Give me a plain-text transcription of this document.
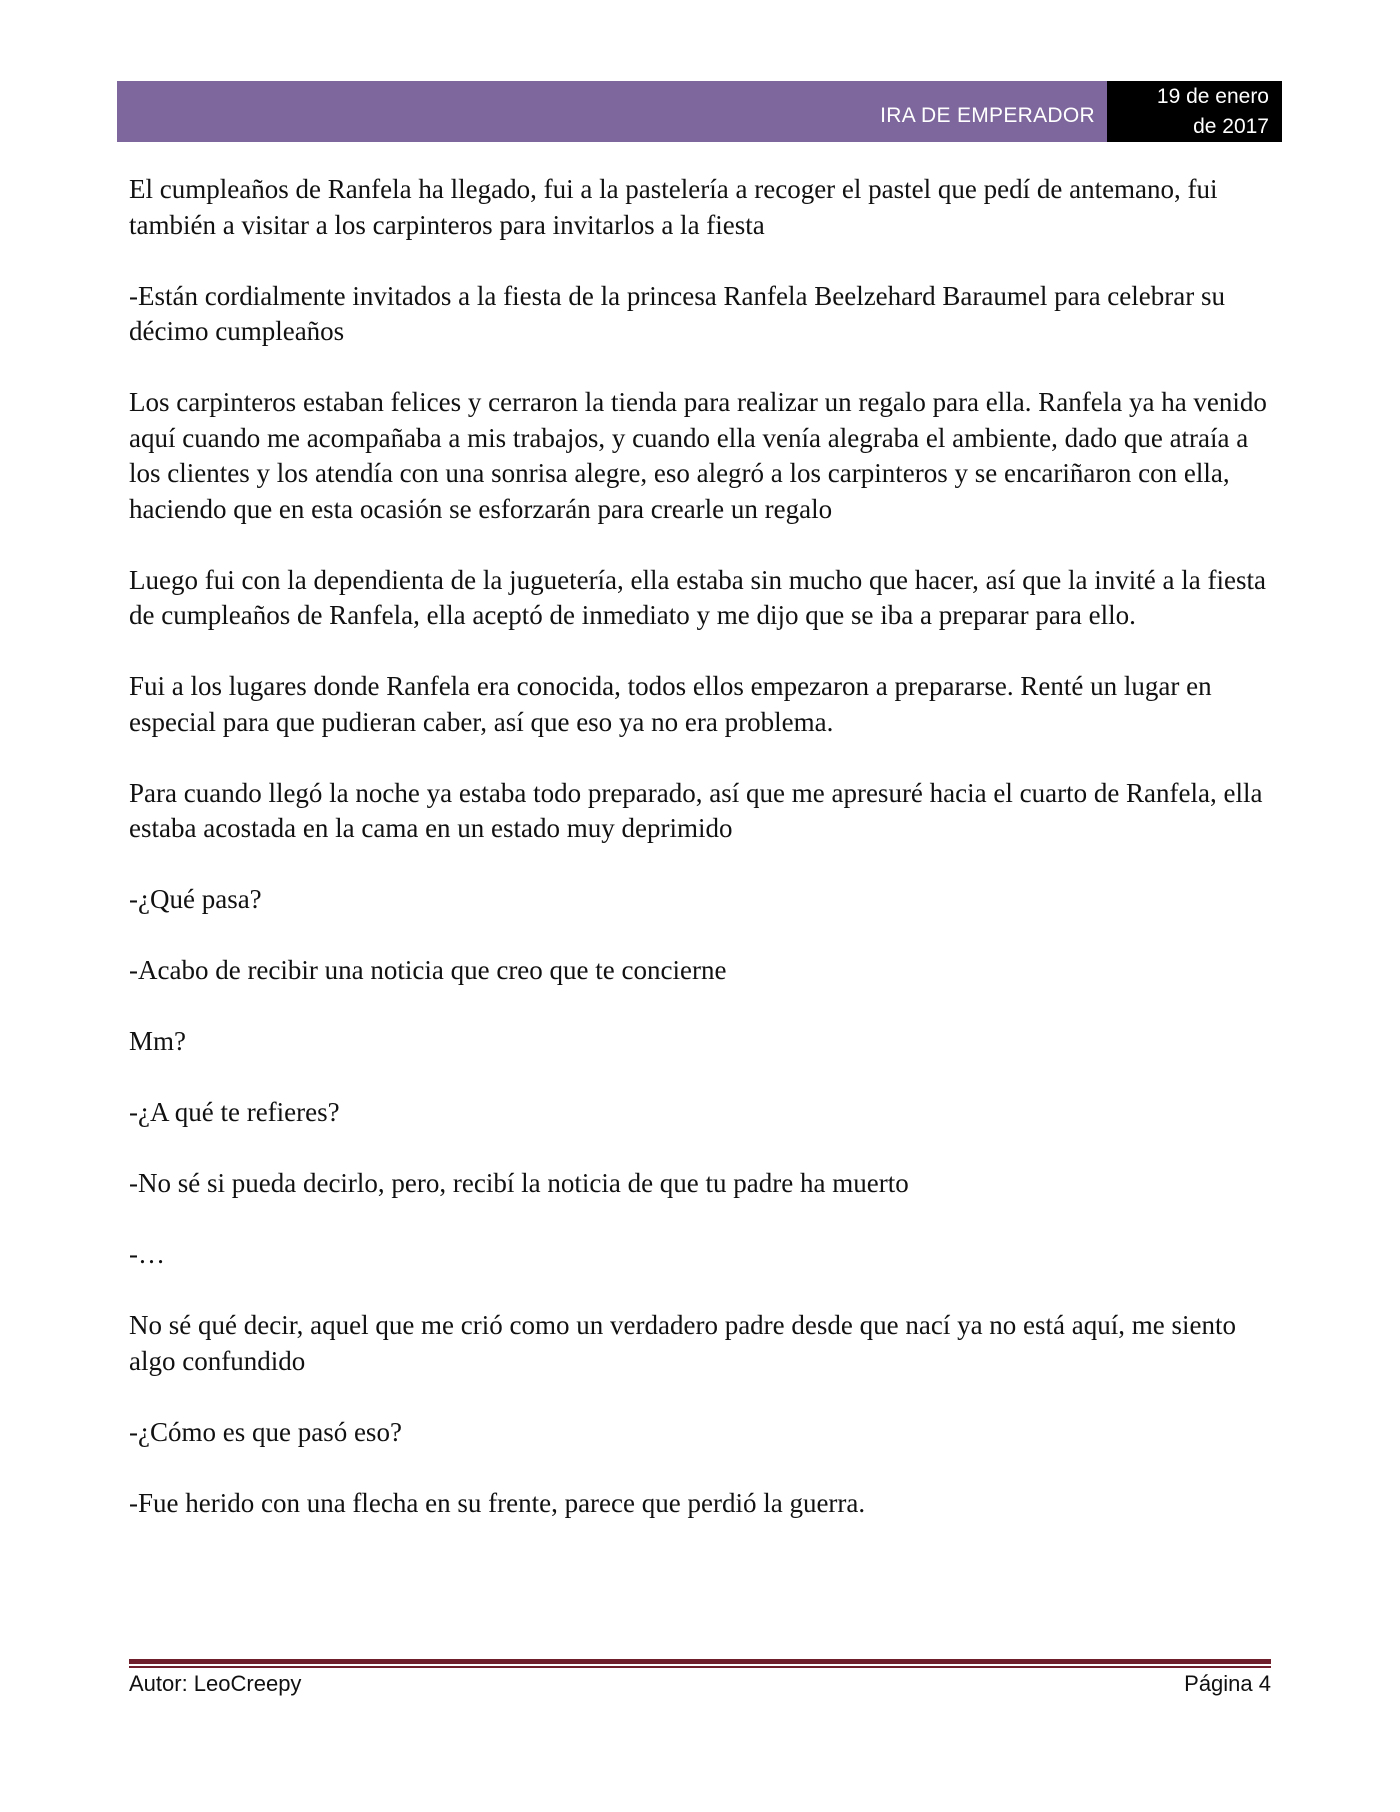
IRA DE EMPERADOR
19 de enero
de 2017

El cumpleaños de Ranfela ha llegado, fui a la pastelería a recoger el pastel que pedí de antemano, fui también a visitar a los carpinteros para invitarlos a la fiesta

-Están cordialmente invitados a la fiesta de la princesa Ranfela Beelzehard Baraumel para celebrar su décimo cumpleaños

Los carpinteros estaban felices y cerraron la tienda para realizar un regalo para ella. Ranfela ya ha venido aquí cuando me acompañaba a mis trabajos, y cuando ella venía alegraba el ambiente, dado que atraía a los clientes y los atendía con una sonrisa alegre, eso alegró a los carpinteros y se encariñaron con ella, haciendo que en esta ocasión se esforzarán para crearle un regalo

Luego fui con la dependienta de la juguetería, ella estaba sin mucho que hacer, así que la invité a la fiesta de cumpleaños de Ranfela, ella aceptó de inmediato y me dijo que se iba a preparar para ello.

Fui a los lugares donde Ranfela era conocida, todos ellos empezaron a prepararse. Renté un lugar en especial para que pudieran caber, así que eso ya no era problema.

Para cuando llegó la noche ya estaba todo preparado, así que me apresuré hacia el cuarto de Ranfela, ella estaba acostada en la cama en un estado muy deprimido

-¿Qué pasa?

-Acabo de recibir una noticia que creo que te concierne

Mm?

-¿A qué te refieres?

-No sé si pueda decirlo, pero, recibí la noticia de que tu padre ha muerto

-…

No sé qué decir, aquel que me crió como un verdadero padre desde que nací ya no está aquí, me siento algo confundido

-¿Cómo es que pasó eso?

-Fue herido con una flecha en su frente, parece que perdió la guerra.

Autor: LeoCreepy	Página 4
